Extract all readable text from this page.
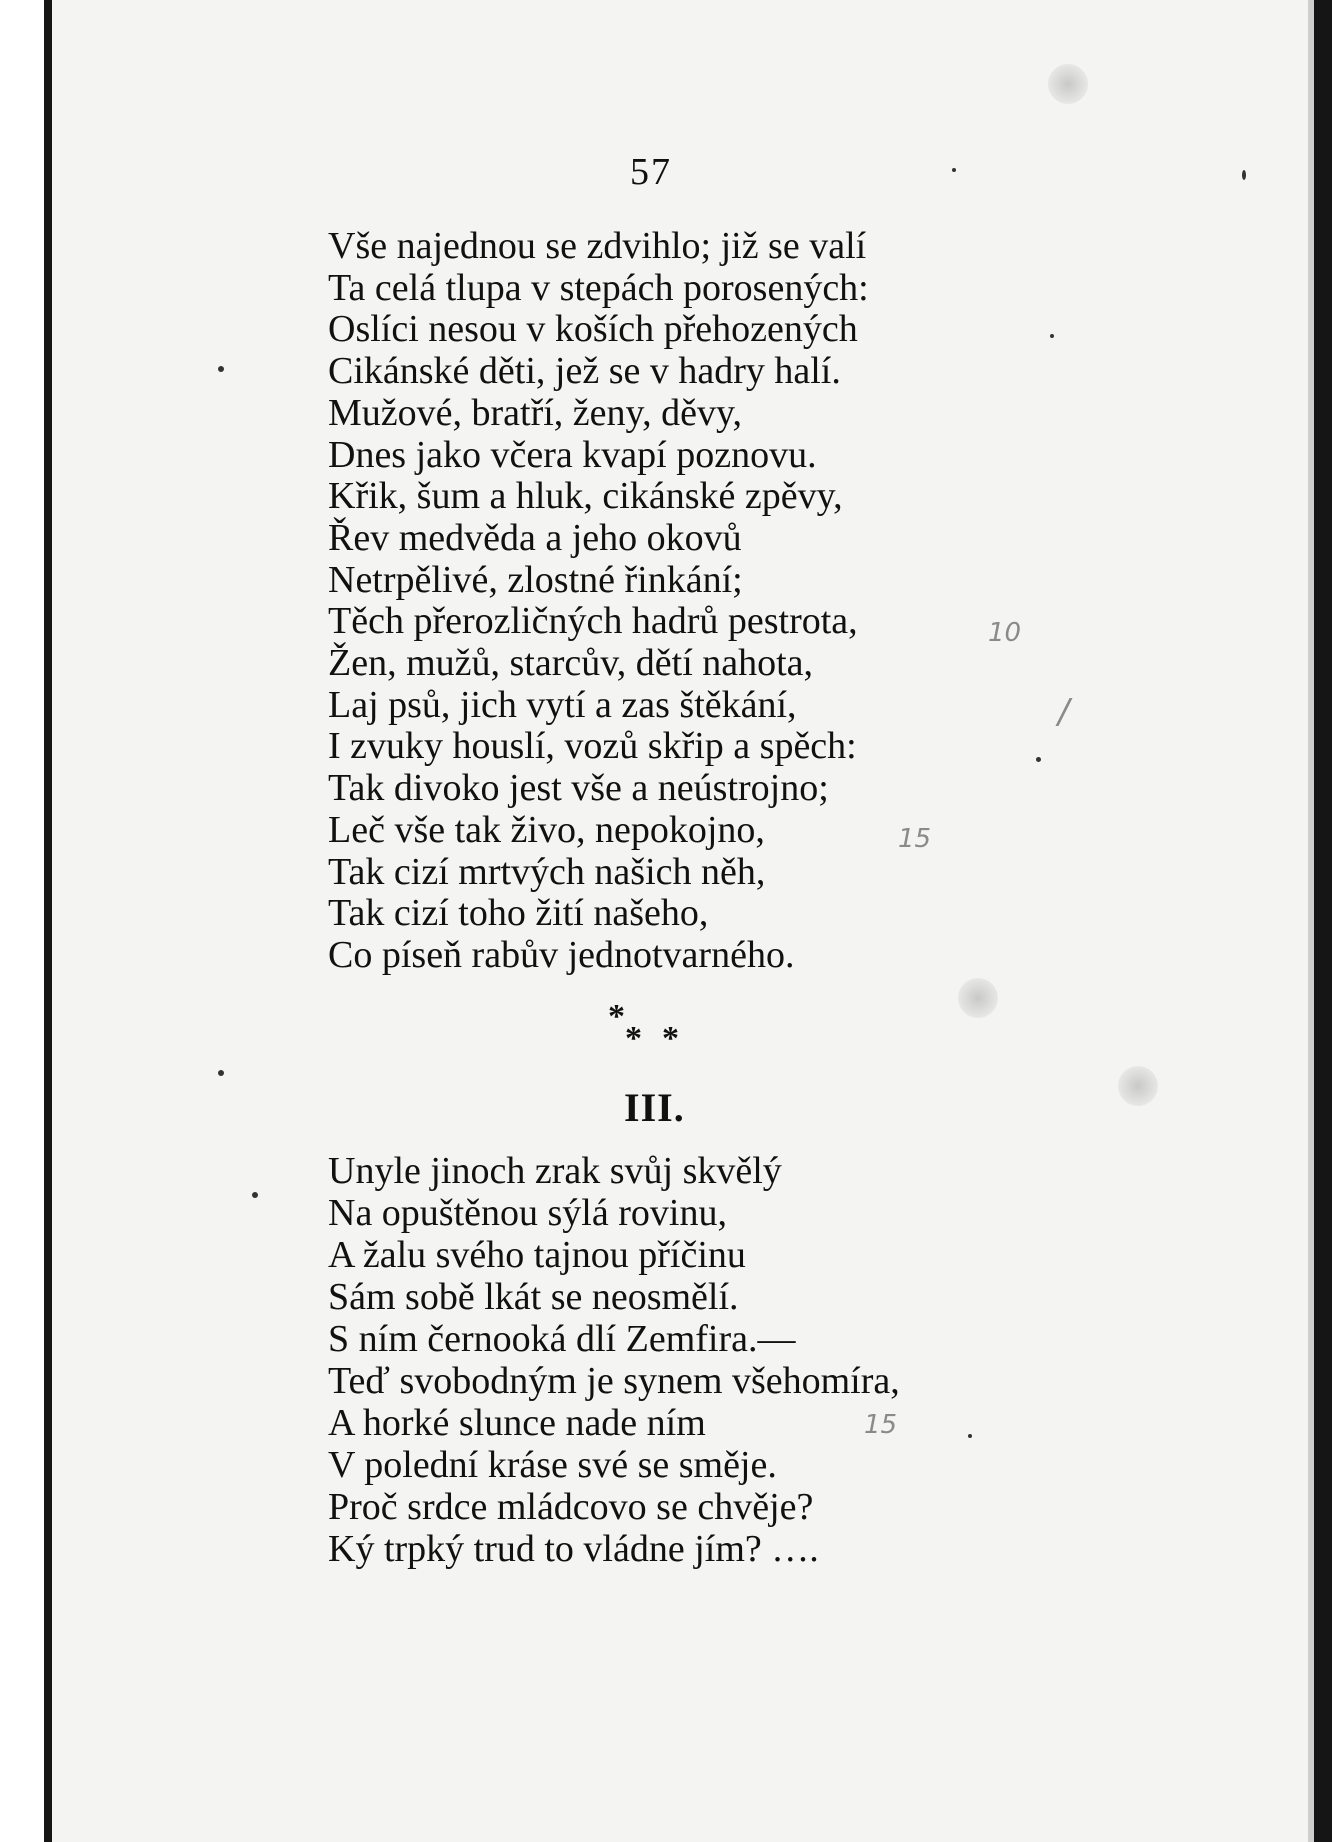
57
Vše najednou se zdvihlo; již se valí
Ta celá tlupa v stepách porosených:
Oslíci nesou v koších přehozených
Cikánské děti, jež se v hadry halí.
Mužové, bratří, ženy, děvy,
Dnes jako včera kvapí poznovu.
Křik, šum a hluk, cikánské zpěvy,
Řev medvěda a jeho okovů
Netrpělivé, zlostné řinkání;
Těch přerozličných hadrů pestrota,
Žen, mužů, starcův, dětí nahota,
Laj psů, jich vytí a zas štěkání,
I zvuky houslí, vozů skřip a spěch:
Tak divoko jest vše a neústrojno;
Leč vše tak živo, nepokojno,
Tak cizí mrtvých našich něh,
Tak cizí toho žití našeho,
Co píseň rabův jednotvarného.
*
* *
III.
Unyle jinoch zrak svůj skvělý
Na opuštěnou sýlá rovinu,
A žalu svého tajnou příčinu
Sám sobě lkát se neosmělí.
S ním černooká dlí Zemfira.—
Teď svobodným je synem všehomíra,
A horké slunce nade ním
V polední kráse své se směje.
Proč srdce mládcovo se chvěje?
Ký trpký trud to vládne jím? ….
10
/
15
15
